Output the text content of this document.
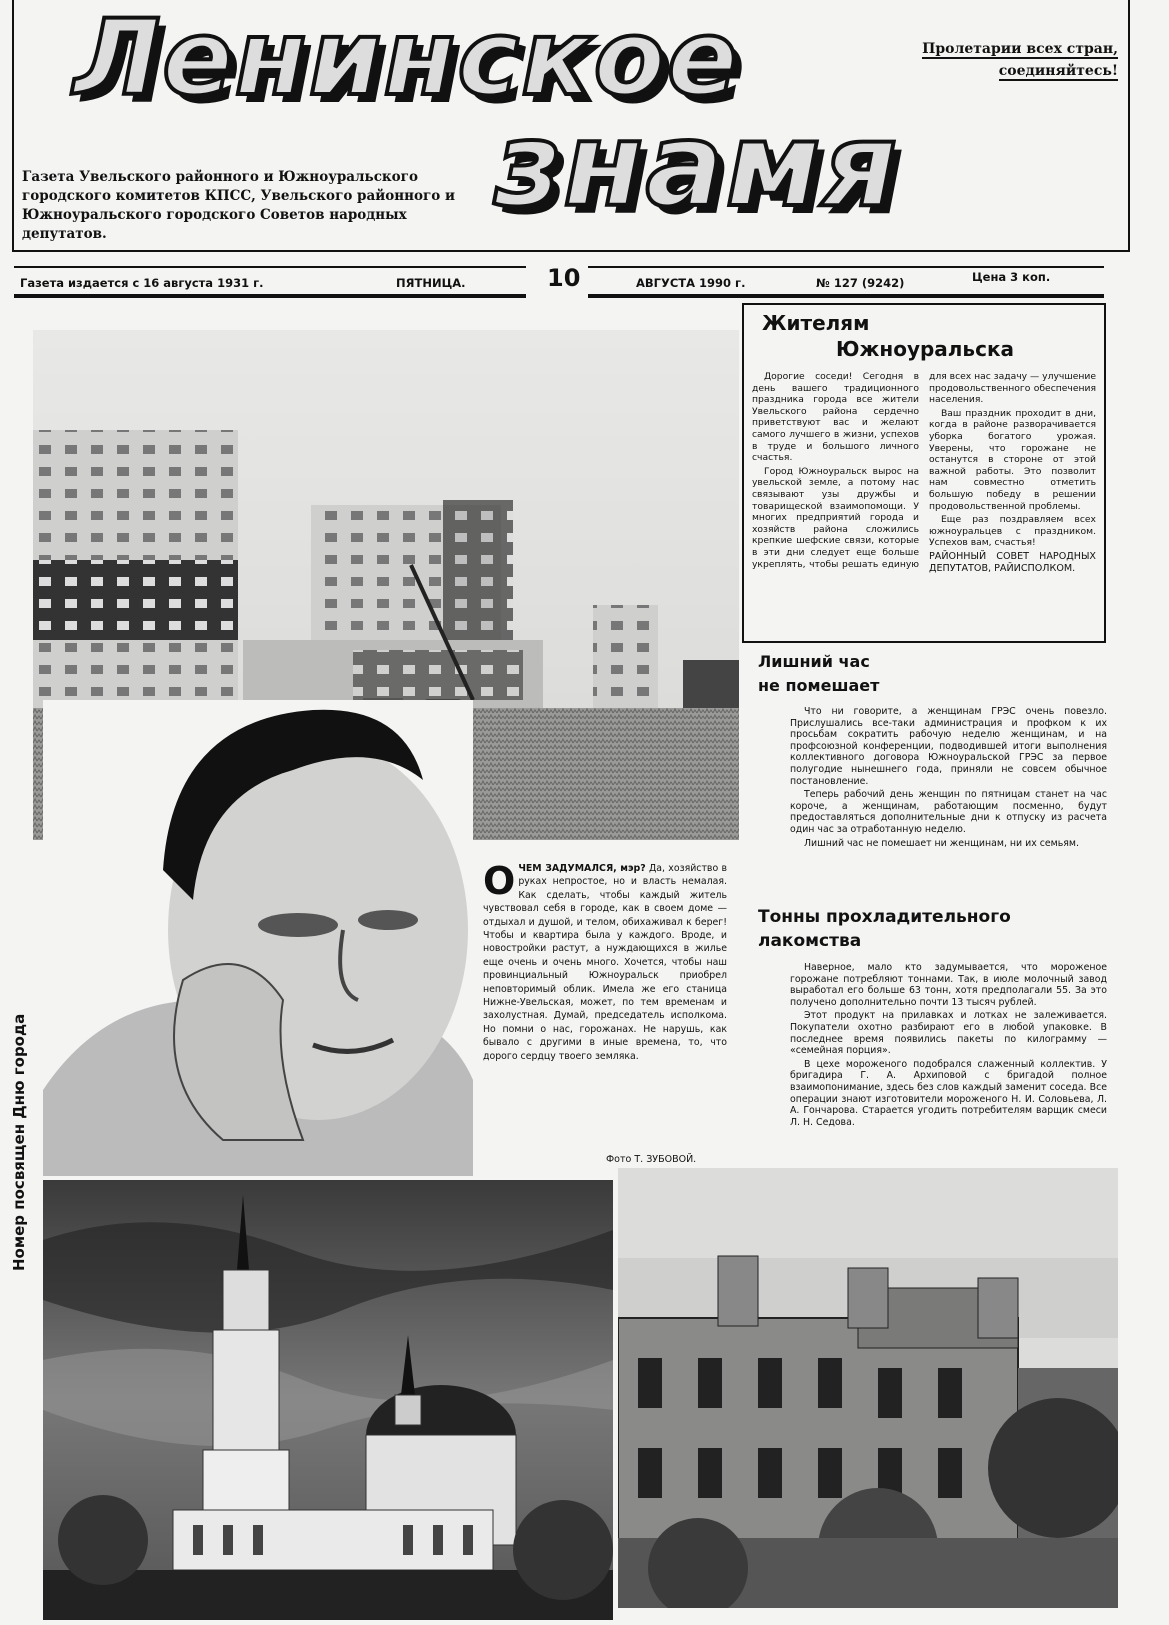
Ленинское
знамя
Пролетарии всех стран,
соединяйтесь!
Газета Увельского районного и Южноуральского городского комитетов КПСС, Увельского районного и Южноуральского городского Советов народных депутатов.
Газета издается с 16 августа 1931 г.	ПЯТНИЦА.	10	АВГУСТА 1990 г.	№ 127 (9242)	Цена 3 коп.
Номер посвящен Дню города
О ЧЕМ ЗАДУМАЛСЯ, мэр? Да, хозяйство в руках непростое, но и власть немалая. Как сделать, чтобы каждый житель чувствовал себя в городе, как в своем доме — отдыхал и душой, и телом, обихаживал к берег! Чтобы и квартира была у каждого. Вроде, и новостройки растут, а нуждающихся в жилье еще очень и очень много. Хочется, чтобы наш провинциальный Южноуральск приобрел неповторимый облик. Имела же его станица Нижне-Увельская, может, по тем временам и захолустная. Думай, председатель исполкома. Но помни о нас, горожанах. Не нарушь, как бывало с другими в иные времена, то, что дорого сердцу твоего земляка.
Фото Т. ЗУБОВОЙ.
Жителям
Южноуральска

Дорогие соседи! Сегодня в день вашего традиционного праздника города все жители Увельского района сердечно приветствуют вас и желают самого лучшего в жизни, успехов в труде и большого личного счастья.

Город Южноуральск вырос на увельской земле, а потому нас связывают узы дружбы и товарищеской взаимопомощи. У многих предприятий города и хозяйств района сложились крепкие шефские связи, которые в эти дни следует еще больше укреплять, чтобы решать единую для всех нас задачу — улучшение продовольственного обеспечения населения.

Ваш праздник проходит в дни, когда в районе разворачивается уборка богатого урожая. Уверены, что горожане не останутся в стороне от этой важной работы. Это позволит нам совместно отметить большую победу в решении продовольственной проблемы.

Еще раз поздравляем всех южноуральцев с праздником. Успехов вам, счастья!

РАЙОННЫЙ СОВЕТ НАРОДНЫХ ДЕПУТАТОВ, РАЙИСПОЛКОМ.

Лишний час
не помешает

Что ни говорите, а женщинам ГРЭС очень повезло. Прислушались все-таки администрация и профком к их просьбам сократить рабочую неделю женщинам, и на профсоюзной конференции, подводившей итоги выполнения коллективного договора Южноуральской ГРЭС за первое полугодие нынешнего года, приняли не совсем обычное постановление.

Теперь рабочий день женщин по пятницам станет на час короче, а женщинам, работающим посменно, будут предоставляться дополнительные дни к отпуску из расчета один час за отработанную неделю.

Лишний час не помешает ни женщинам, ни их семьям.

Тонны прохладительного
лакомства

Наверное, мало кто задумывается, что мороженое горожане потребляют тоннами. Так, в июле молочный завод выработал его больше 63 тонн, хотя предполагали 55. За это получено дополнительно почти 13 тысяч рублей.

Этот продукт на прилавках и лотках не залеживается. Покупатели охотно разбирают его в любой упаковке. В последнее время появились пакеты по килограмму — «семейная порция».

В цехе мороженого подобрался слаженный коллектив. У бригадира Г. А. Архиповой с бригадой полное взаимопонимание, здесь без слов каждый заменит соседа. Все операции знают изготовители мороженого Н. И. Соловьева, Л. А. Гончарова. Старается угодить потребителям варщик смеси Л. Н. Седова.
